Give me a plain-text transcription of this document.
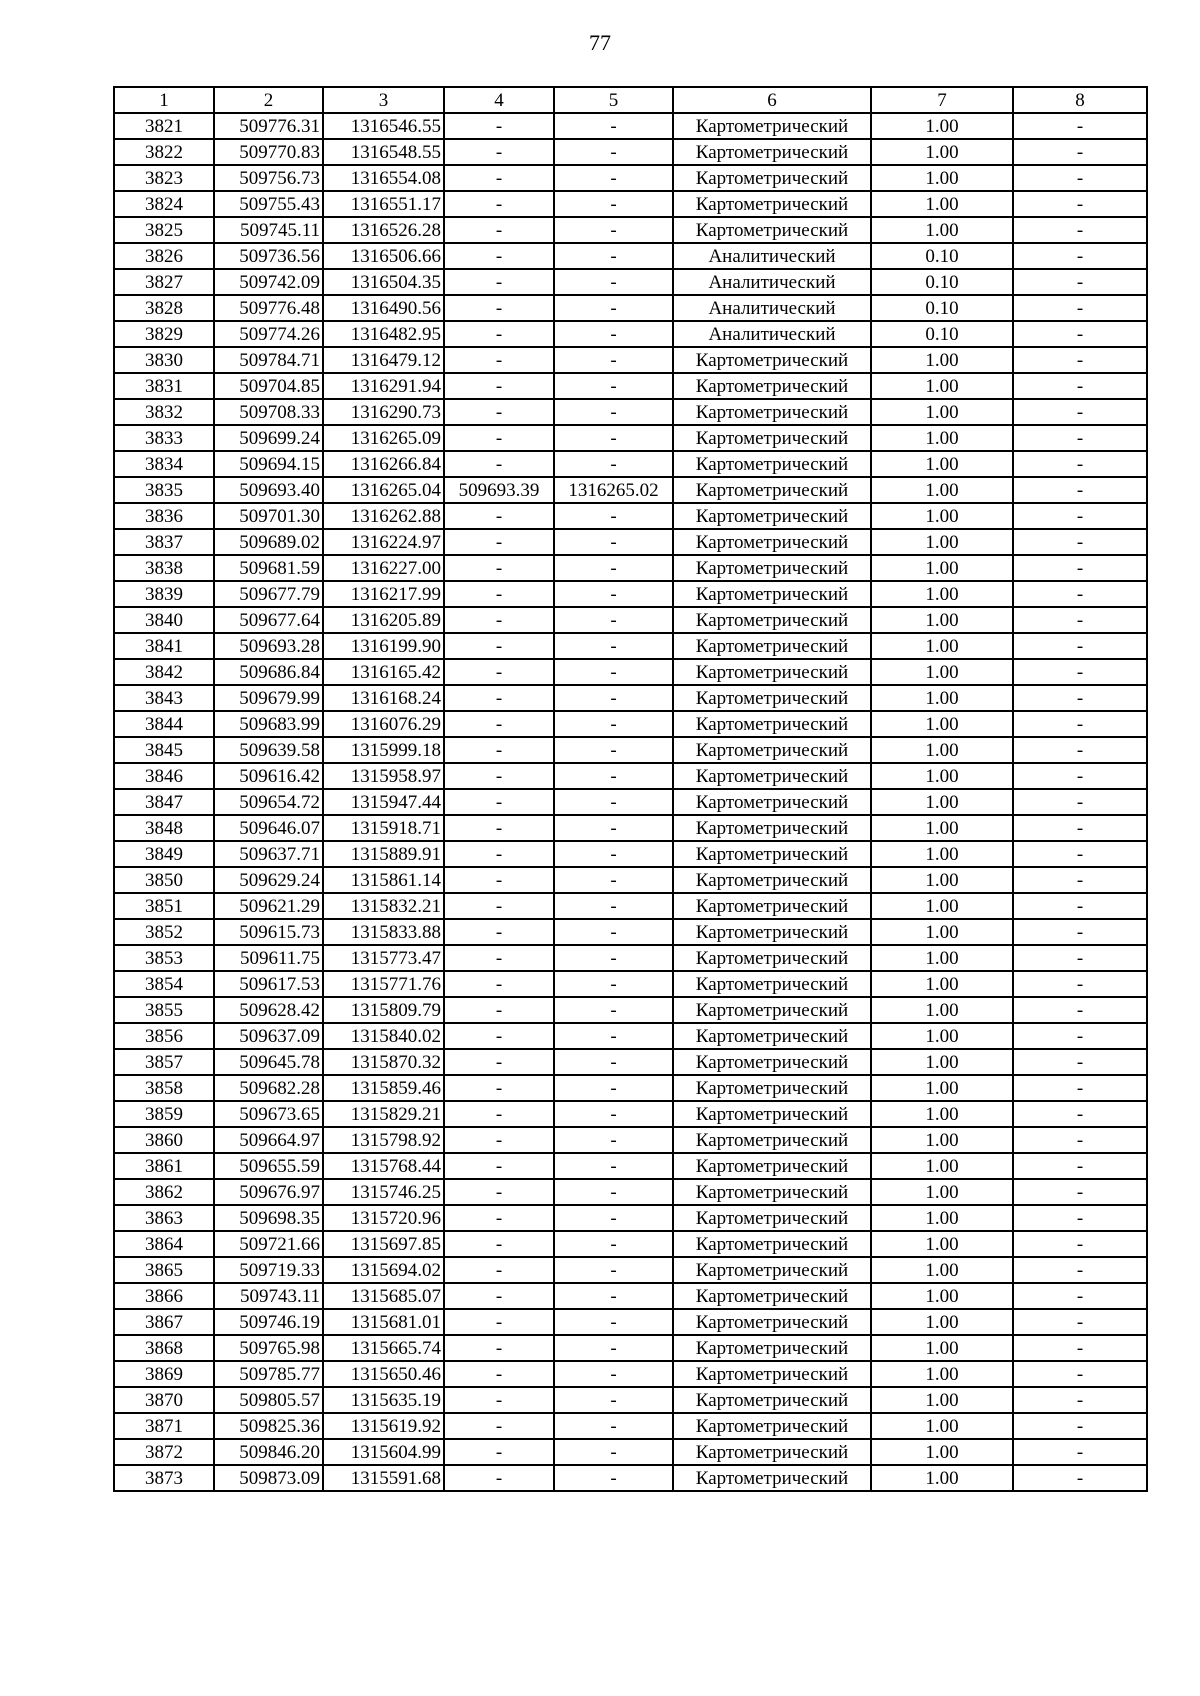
77
1	2	3	4	5	6	7	8
3821	509776.31	1316546.55	-	-	Картометрический	1.00	-
3822	509770.83	1316548.55	-	-	Картометрический	1.00	-
3823	509756.73	1316554.08	-	-	Картометрический	1.00	-
3824	509755.43	1316551.17	-	-	Картометрический	1.00	-
3825	509745.11	1316526.28	-	-	Картометрический	1.00	-
3826	509736.56	1316506.66	-	-	Аналитический	0.10	-
3827	509742.09	1316504.35	-	-	Аналитический	0.10	-
3828	509776.48	1316490.56	-	-	Аналитический	0.10	-
3829	509774.26	1316482.95	-	-	Аналитический	0.10	-
3830	509784.71	1316479.12	-	-	Картометрический	1.00	-
3831	509704.85	1316291.94	-	-	Картометрический	1.00	-
3832	509708.33	1316290.73	-	-	Картометрический	1.00	-
3833	509699.24	1316265.09	-	-	Картометрический	1.00	-
3834	509694.15	1316266.84	-	-	Картометрический	1.00	-
3835	509693.40	1316265.04	509693.39	1316265.02	Картометрический	1.00	-
3836	509701.30	1316262.88	-	-	Картометрический	1.00	-
3837	509689.02	1316224.97	-	-	Картометрический	1.00	-
3838	509681.59	1316227.00	-	-	Картометрический	1.00	-
3839	509677.79	1316217.99	-	-	Картометрический	1.00	-
3840	509677.64	1316205.89	-	-	Картометрический	1.00	-
3841	509693.28	1316199.90	-	-	Картометрический	1.00	-
3842	509686.84	1316165.42	-	-	Картометрический	1.00	-
3843	509679.99	1316168.24	-	-	Картометрический	1.00	-
3844	509683.99	1316076.29	-	-	Картометрический	1.00	-
3845	509639.58	1315999.18	-	-	Картометрический	1.00	-
3846	509616.42	1315958.97	-	-	Картометрический	1.00	-
3847	509654.72	1315947.44	-	-	Картометрический	1.00	-
3848	509646.07	1315918.71	-	-	Картометрический	1.00	-
3849	509637.71	1315889.91	-	-	Картометрический	1.00	-
3850	509629.24	1315861.14	-	-	Картометрический	1.00	-
3851	509621.29	1315832.21	-	-	Картометрический	1.00	-
3852	509615.73	1315833.88	-	-	Картометрический	1.00	-
3853	509611.75	1315773.47	-	-	Картометрический	1.00	-
3854	509617.53	1315771.76	-	-	Картометрический	1.00	-
3855	509628.42	1315809.79	-	-	Картометрический	1.00	-
3856	509637.09	1315840.02	-	-	Картометрический	1.00	-
3857	509645.78	1315870.32	-	-	Картометрический	1.00	-
3858	509682.28	1315859.46	-	-	Картометрический	1.00	-
3859	509673.65	1315829.21	-	-	Картометрический	1.00	-
3860	509664.97	1315798.92	-	-	Картометрический	1.00	-
3861	509655.59	1315768.44	-	-	Картометрический	1.00	-
3862	509676.97	1315746.25	-	-	Картометрический	1.00	-
3863	509698.35	1315720.96	-	-	Картометрический	1.00	-
3864	509721.66	1315697.85	-	-	Картометрический	1.00	-
3865	509719.33	1315694.02	-	-	Картометрический	1.00	-
3866	509743.11	1315685.07	-	-	Картометрический	1.00	-
3867	509746.19	1315681.01	-	-	Картометрический	1.00	-
3868	509765.98	1315665.74	-	-	Картометрический	1.00	-
3869	509785.77	1315650.46	-	-	Картометрический	1.00	-
3870	509805.57	1315635.19	-	-	Картометрический	1.00	-
3871	509825.36	1315619.92	-	-	Картометрический	1.00	-
3872	509846.20	1315604.99	-	-	Картометрический	1.00	-
3873	509873.09	1315591.68	-	-	Картометрический	1.00	-
